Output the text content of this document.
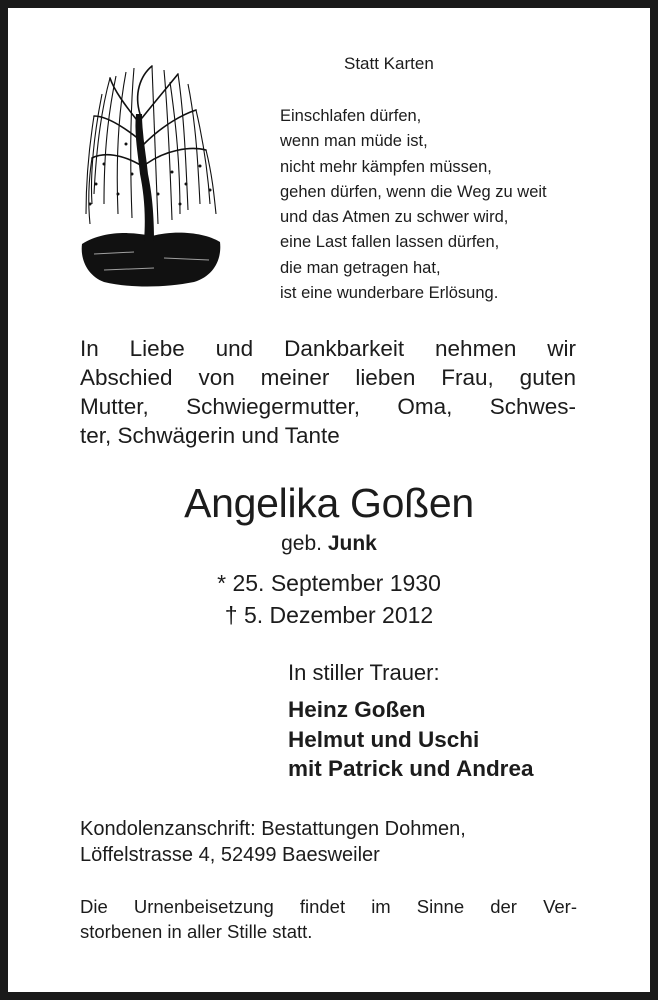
Statt Karten
Einschlafen dürfen,
wenn man müde ist,
nicht mehr kämpfen müssen,
gehen dürfen, wenn die Weg zu weit
und das Atmen zu schwer wird,
eine Last fallen lassen dürfen,
die man getragen hat,
ist eine wunderbare Erlösung.
In Liebe und Dankbarkeit nehmen wir
Abschied von meiner lieben Frau, guten
Mutter, Schwiegermutter, Oma, Schwes-
ter, Schwägerin und Tante
Angelika Goßen
geb. Junk
* 25. September 1930
† 5. Dezember 2012
In stiller Trauer:
Heinz Goßen
Helmut und Uschi
mit Patrick und Andrea
Kondolenzanschrift: Bestattungen Dohmen,
Löffelstrasse 4, 52499 Baesweiler
Die Urnenbeisetzung findet im Sinne der Ver-
storbenen in aller Stille statt.
